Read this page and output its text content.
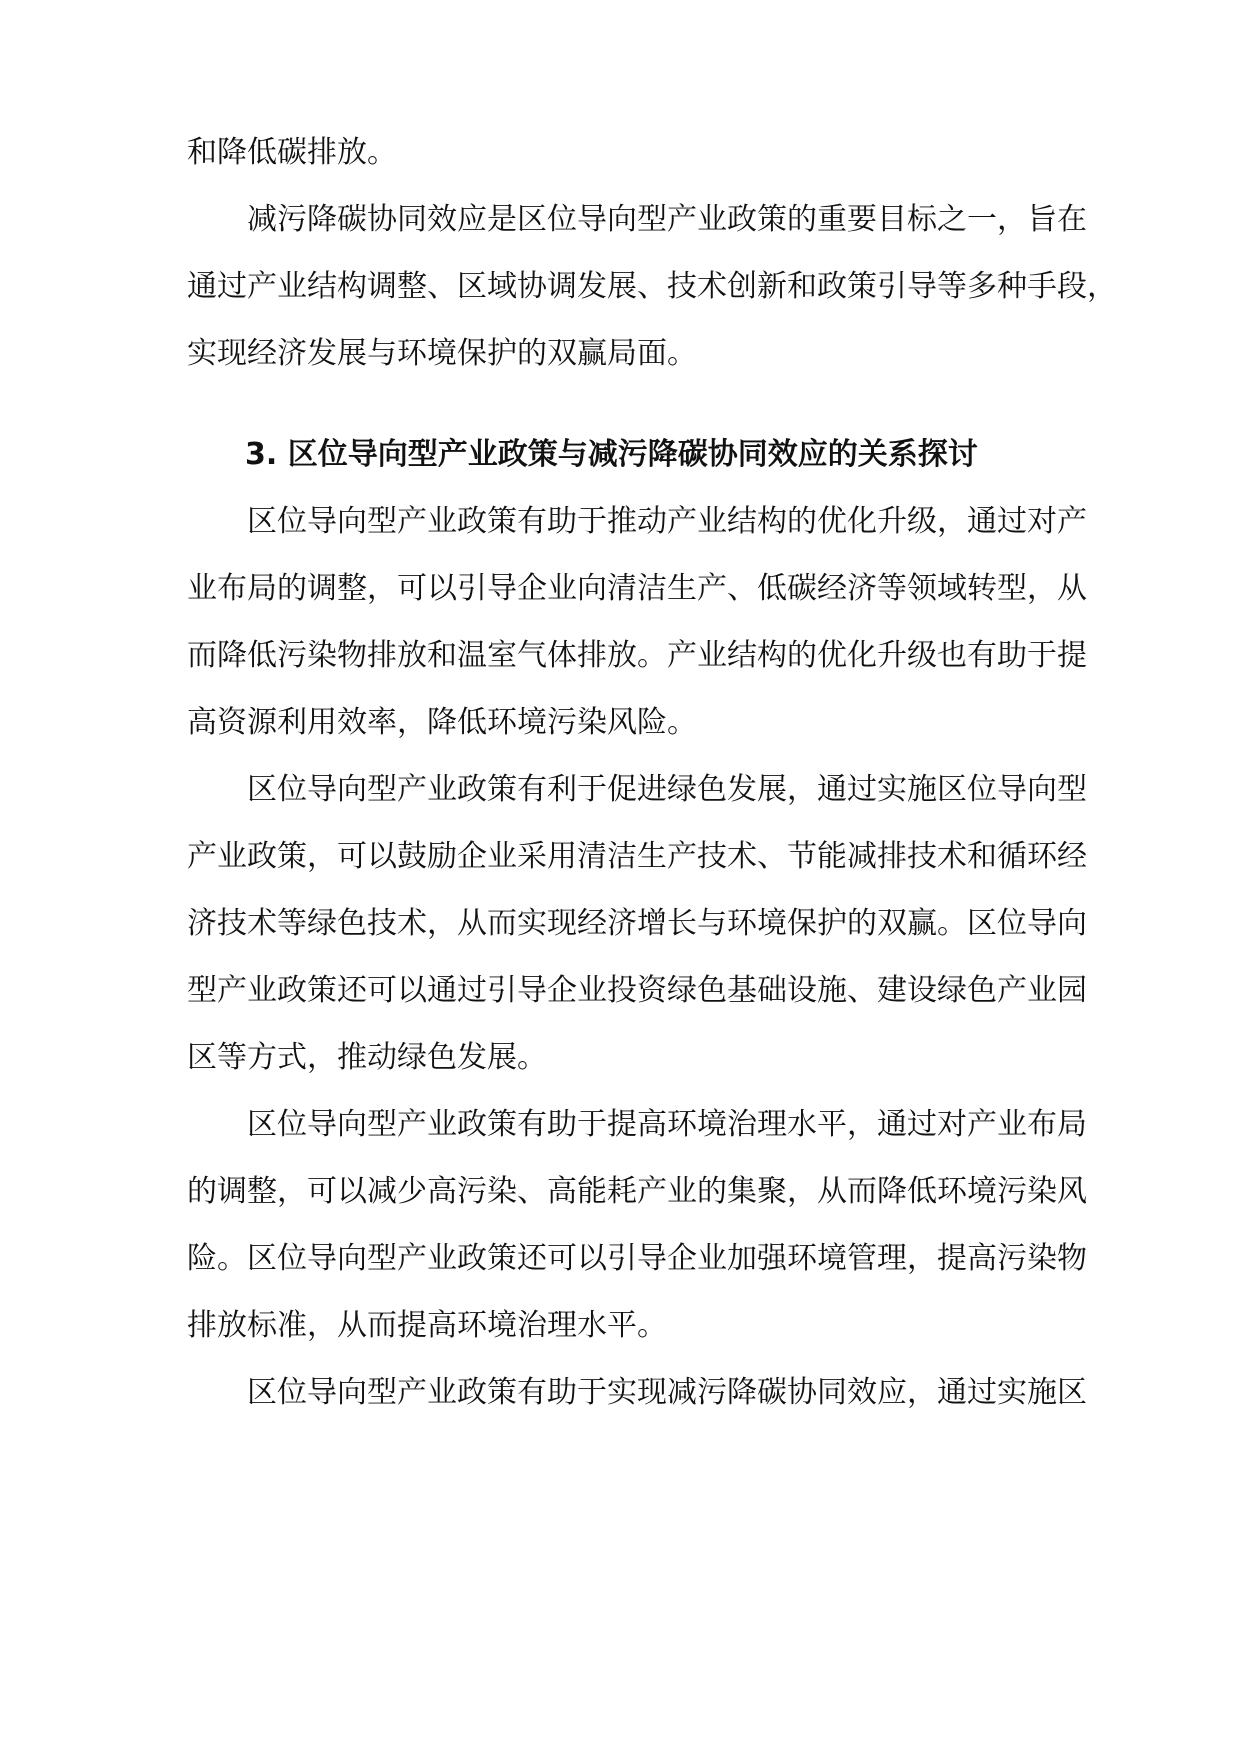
和降低碳排放。
减污降碳协同效应是区位导向型产业政策的重要目标之一，旨在
通过产业结构调整、区域协调发展、技术创新和政策引导等多种手段，
实现经济发展与环境保护的双赢局面。
3. 区位导向型产业政策与减污降碳协同效应的关系探讨
区位导向型产业政策有助于推动产业结构的优化升级，通过对产
业布局的调整，可以引导企业向清洁生产、低碳经济等领域转型，从
而降低污染物排放和温室气体排放。产业结构的优化升级也有助于提
高资源利用效率，降低环境污染风险。
区位导向型产业政策有利于促进绿色发展，通过实施区位导向型
产业政策，可以鼓励企业采用清洁生产技术、节能减排技术和循环经
济技术等绿色技术，从而实现经济增长与环境保护的双赢。区位导向
型产业政策还可以通过引导企业投资绿色基础设施、建设绿色产业园
区等方式，推动绿色发展。
区位导向型产业政策有助于提高环境治理水平，通过对产业布局
的调整，可以减少高污染、高能耗产业的集聚，从而降低环境污染风
险。区位导向型产业政策还可以引导企业加强环境管理，提高污染物
排放标准，从而提高环境治理水平。
区位导向型产业政策有助于实现减污降碳协同效应，通过实施区
